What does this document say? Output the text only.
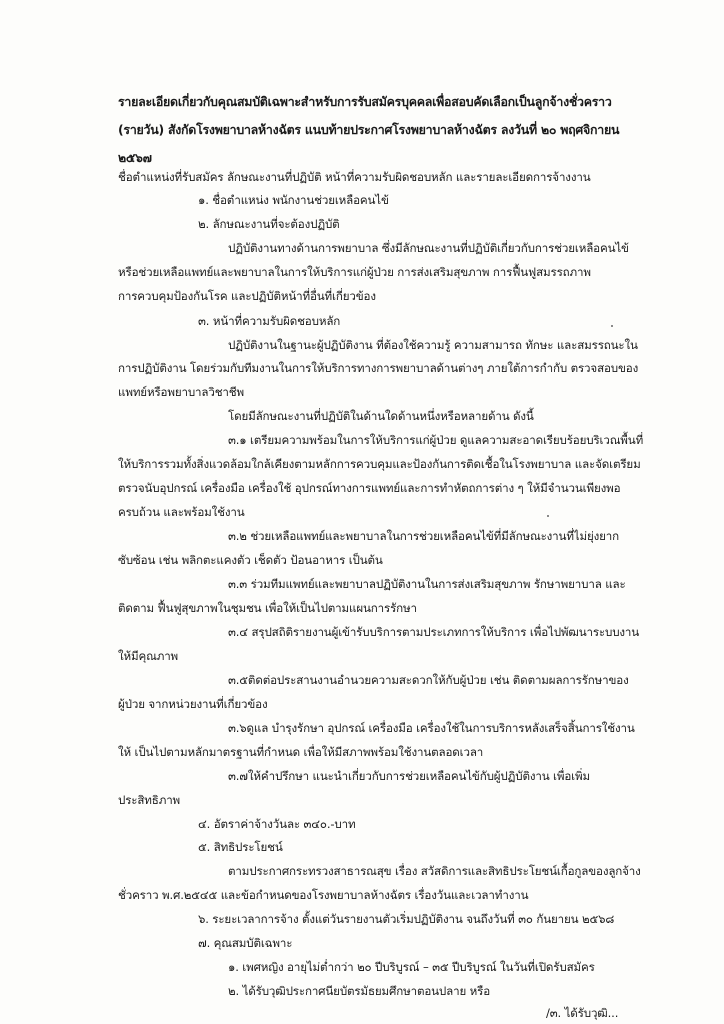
รายละเอียดเกี่ยวกับคุณสมบัติเฉพาะสำหรับการรับสมัครบุคคลเพื่อสอบคัดเลือกเป็นลูกจ้างชั่วคราว
(รายวัน) สังกัดโรงพยาบาลห้างฉัตร แนบท้ายประกาศโรงพยาบาลห้างฉัตร ลงวันที่ ๒๐ พฤศจิกายน
๒๕๖๗
ชื่อตำแหน่งที่รับสมัคร ลักษณะงานที่ปฏิบัติ หน้าที่ความรับผิดชอบหลัก และรายละเอียดการจ้างงาน
๑. ชื่อตำแหน่ง พนักงานช่วยเหลือคนไข้
๒. ลักษณะงานที่จะต้องปฏิบัติ
ปฏิบัติงานทางด้านการพยาบาล ซึ่งมีลักษณะงานที่ปฏิบัติเกี่ยวกับการช่วยเหลือคนไข้
หรือช่วยเหลือแพทย์และพยาบาลในการให้บริการแก่ผู้ป่วย การส่งเสริมสุขภาพ การฟื้นฟูสมรรถภาพ
การควบคุมป้องกันโรค และปฏิบัติหน้าที่อื่นที่เกี่ยวข้อง
๓. หน้าที่ความรับผิดชอบหลัก
ปฏิบัติงานในฐานะผู้ปฏิบัติงาน ที่ต้องใช้ความรู้ ความสามารถ ทักษะ และสมรรถนะใน
การปฏิบัติงาน โดยร่วมกับทีมงานในการให้บริการทางการพยาบาลด้านต่างๆ ภายใต้การกำกับ ตรวจสอบของ
แพทย์หรือพยาบาลวิชาชีพ
โดยมีลักษณะงานที่ปฏิบัติในด้านใดด้านหนึ่งหรือหลายด้าน ดังนี้
๓.๑ เตรียมความพร้อมในการให้บริการแก่ผู้ป่วย ดูแลความสะอาดเรียบร้อยบริเวณพื้นที่
ให้บริการรวมทั้งสิ่งแวดล้อมใกล้เคียงตามหลักการควบคุมและป้องกันการติดเชื้อในโรงพยาบาล และจัดเตรียม
ตรวจนับอุปกรณ์ เครื่องมือ เครื่องใช้ อุปกรณ์ทางการแพทย์และการทำหัตถการต่าง ๆ ให้มีจำนวนเพียงพอ
ครบถ้วน และพร้อมใช้งาน
๓.๒ ช่วยเหลือแพทย์และพยาบาลในการช่วยเหลือคนไข้ที่มีลักษณะงานที่ไม่ยุ่งยาก
ซับซ้อน เช่น พลิกตะแคงตัว เช็ดตัว ป้อนอาหาร เป็นต้น
๓.๓ ร่วมทีมแพทย์และพยาบาลปฏิบัติงานในการส่งเสริมสุขภาพ รักษาพยาบาล และ
ติดตาม ฟื้นฟูสุขภาพในชุมชน เพื่อให้เป็นไปตามแผนการรักษา
๓.๔ สรุปสถิติรายงานผู้เข้ารับบริการตามประเภทการให้บริการ เพื่อไปพัฒนาระบบงาน
ให้มีคุณภาพ
๓.๕ติดต่อประสานงานอำนวยความสะดวกให้กับผู้ป่วย เช่น ติดตามผลการรักษาของ
ผู้ป่วย จากหน่วยงานที่เกี่ยวข้อง
๓.๖ดูแล บำรุงรักษา อุปกรณ์ เครื่องมือ เครื่องใช้ในการบริการหลังเสร็จสิ้นการใช้งาน
ให้ เป็นไปตามหลักมาตรฐานที่กำหนด เพื่อให้มีสภาพพร้อมใช้งานตลอดเวลา
๓.๗ให้คำปรึกษา แนะนำเกี่ยวกับการช่วยเหลือคนไข้กับผู้ปฏิบัติงาน เพื่อเพิ่ม
ประสิทธิภาพ
๔. อัตราค่าจ้างวันละ ๓๔๐.-บาท
๕. สิทธิประโยชน์
ตามประกาศกระทรวงสาธารณสุข เรื่อง สวัสดิการและสิทธิประโยชน์เกื้อกูลของลูกจ้าง
ชั่วคราว พ.ศ.๒๕๔๕ และข้อกำหนดของโรงพยาบาลห้างฉัตร เรื่องวันและเวลาทำงาน
๖. ระยะเวลาการจ้าง ตั้งแต่วันรายงานตัวเริ่มปฏิบัติงาน จนถึงวันที่ ๓๐ กันยายน ๒๕๖๘
๗. คุณสมบัติเฉพาะ
๑. เพศหญิง อายุไม่ต่ำกว่า ๒๐ ปีบริบูรณ์ – ๓๕ ปีบริบูรณ์ ในวันที่เปิดรับสมัคร
๒. ได้รับวุฒิประกาศนียบัตรมัธยมศึกษาตอนปลาย หรือ
/๓. ได้รับวุฒิ...
